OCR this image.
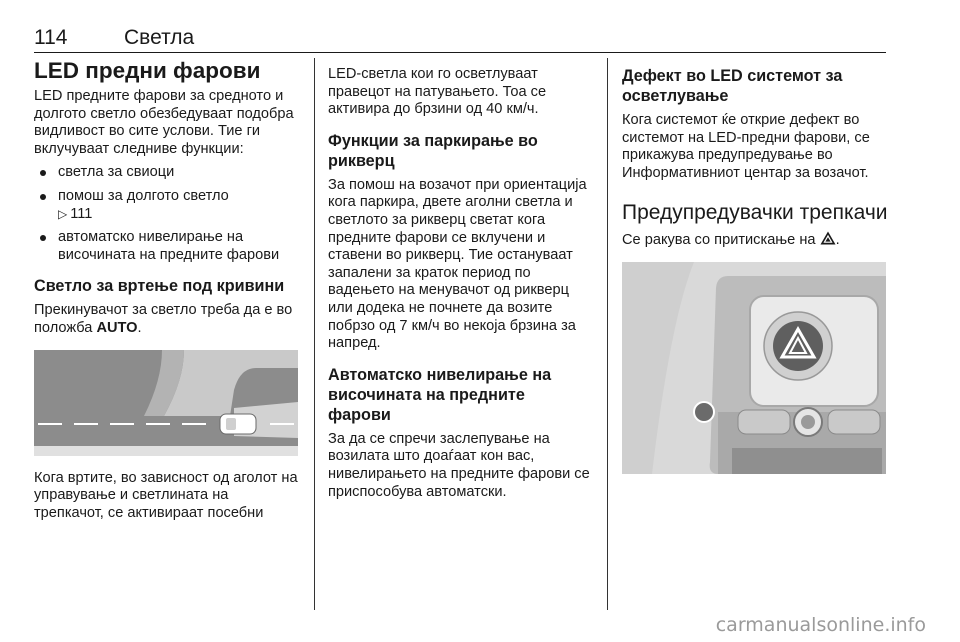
114	Светла
LED предни фарови

LED предните фарови за средното и долгото светло обезбедуваат подобра видливост во сите услови. Тие ги вклучуваат следниве функции:

светла за свиоци
помош за долгото светло
▷ 111
автоматско нивелирање на височината на предните фарови
Светло за вртење под кривини

Прекинувачот за светло треба да е во положба AUTO.

Кога вртите, во зависност од аголот на управување и светлината на трепкачот, се активираат посебни

LED-светла кои го осветлуваат правецот на патувањето. Тоа се активира до брзини од 40 км/ч.

Функции за паркирање во рикверц

За помош на возачот при ориентација кога паркира, двете аголни светла и светлото за рикверц светат кога предните фарови се вклучени и ставени во рикверц. Тие остануваат запалени за краток период по вадењето на менувачот од рикверц или додека не почнете да возите побрзо од 7 км/ч во некоја брзина за напред.

Автоматско нивелирање на височината на предните фарови

За да се спречи заслепување на возилата што доаѓаат кон вас, нивелирањето на предните фарови се приспособува автоматски.

Дефект во LED системот за осветлување

Кога системот ќе открие дефект во системот на LED-предни фарови, се прикажува предупредување во Информативниот центар за возачот.

Предупредувачки трепкачи

Се ракува со притискање на .

carmanualsonline.info
